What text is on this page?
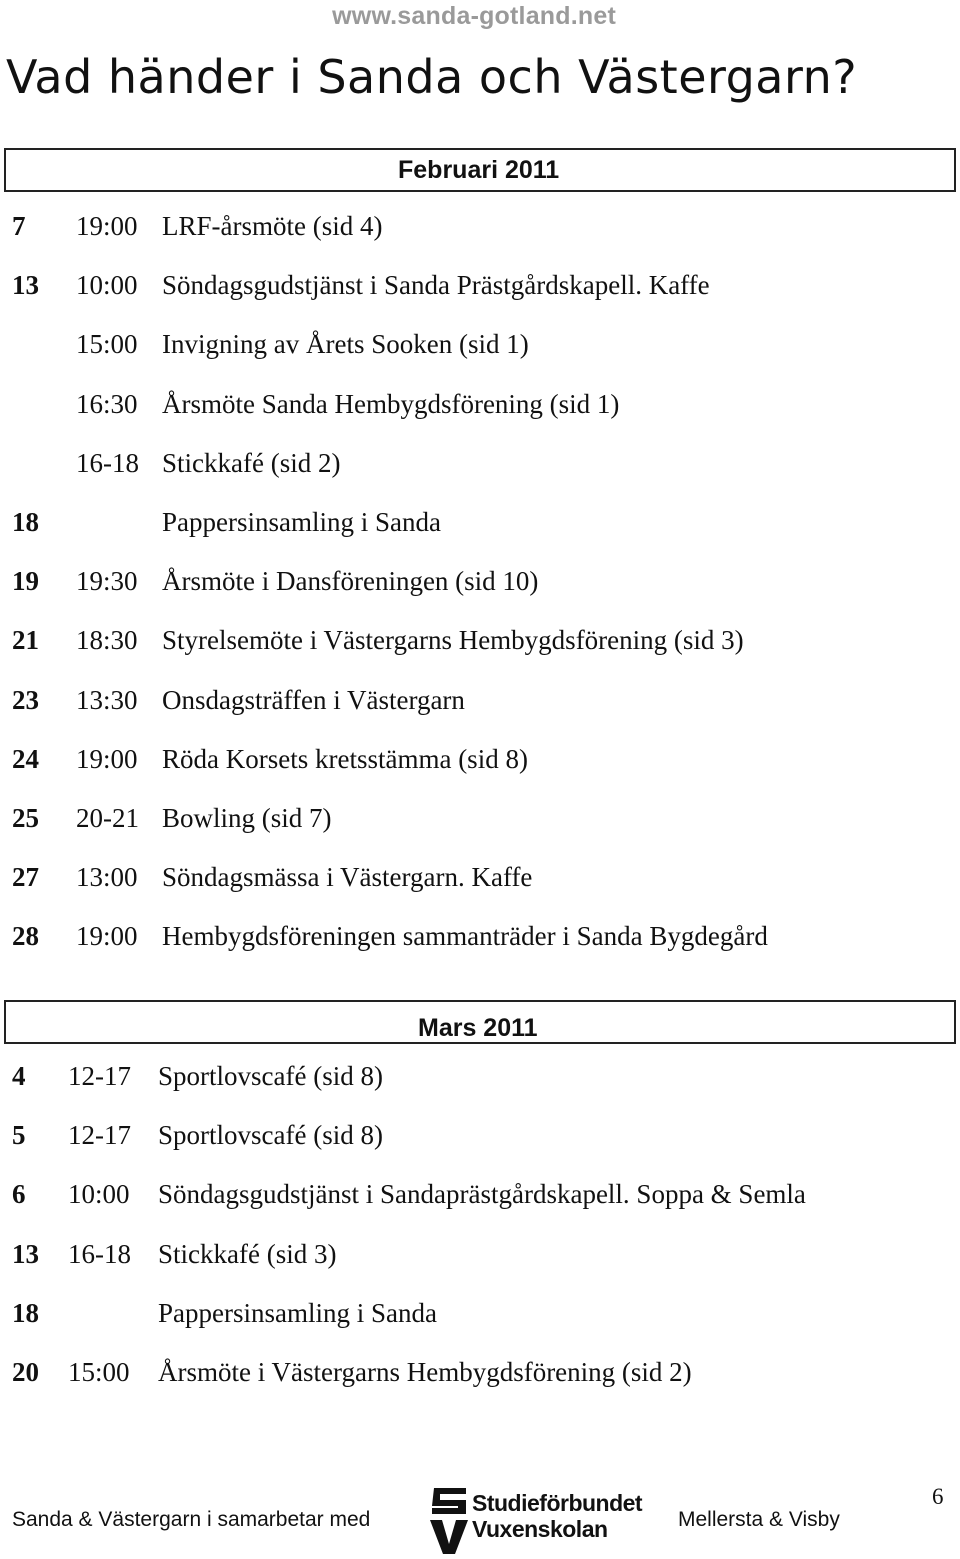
www.sanda-gotland.net
Vad händer i Sanda och Västergarn?
Februari 2011
7 19:00 LRF-årsmöte (sid 4)
13 10:00 Söndagsgudstjänst i Sanda Prästgårdskapell. Kaffe
15:00 Invigning av Årets Sooken (sid 1)
16:30 Årsmöte Sanda Hembygdsförening (sid 1)
16-18 Stickkafé (sid 2)
18	Pappersinsamling i Sanda
19 19:30 Årsmöte i Dansföreningen (sid 10)
21 18:30 Styrelsemöte i Västergarns Hembygdsförening (sid 3)
23 13:30 Onsdagsträffen i Västergarn
24 19:00 Röda Korsets kretsstämma (sid 8)
25 20-21 Bowling (sid 7)
27 13:00 Söndagsmässa i Västergarn. Kaffe
28 19:00 Hembygdsföreningen sammanträder i Sanda Bygdegård
Mars 2011
4 12-17 Sportlovscafé (sid 8)
5 12-17 Sportlovscafé (sid 8)
6 10:00 Söndagsgudstjänst i Sandaprästgårdskapell. Soppa & Semla
13 16-18 Stickkafé (sid 3)
18	Pappersinsamling i Sanda
20 15:00 Årsmöte i Västergarns Hembygdsförening (sid 2)
Sanda & Västergarn i samarbetar med
Studieförbundet
Vuxenskolan	Mellersta & Visby
6
